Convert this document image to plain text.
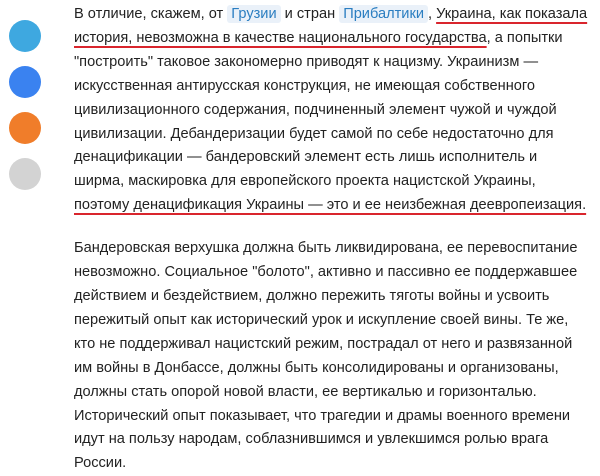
В отличие, скажем, от Грузии и стран Прибалтики , Украина, как показала
история, невозможна в качестве национального государства, а попытки
"построить" таковое закономерно приводят к нацизму. Украинизм —
искусственная антирусская конструкция, не имеющая собственного
цивилизационного содержания, подчиненный элемент чужой и чуждой
цивилизации. Дебандеризации будет самой по себе недостаточно для
денацификации — бандеровский элемент есть лишь исполнитель и
ширма, маскировка для европейского проекта нацистской Украины,
поэтому денацификация Украины — это и ее неизбежная деевропеизация.

Бандеровская верхушка должна быть ликвидирована, ее перевоспитание
невозможно. Социальное "болото", активно и пассивно ее поддержавшее
действием и бездействием, должно пережить тяготы войны и усвоить
пережитый опыт как исторический урок и искупление своей вины. Те же,
кто не поддерживал нацистский режим, пострадал от него и развязанной
им войны в Донбассе, должны быть консолидированы и организованы,
должны стать опорой новой власти, ее вертикалью и горизонталью.
Исторический опыт показывает, что трагедии и драмы военного времени
идут на пользу народам, соблазнившимся и увлекшимся ролью врага
России.
